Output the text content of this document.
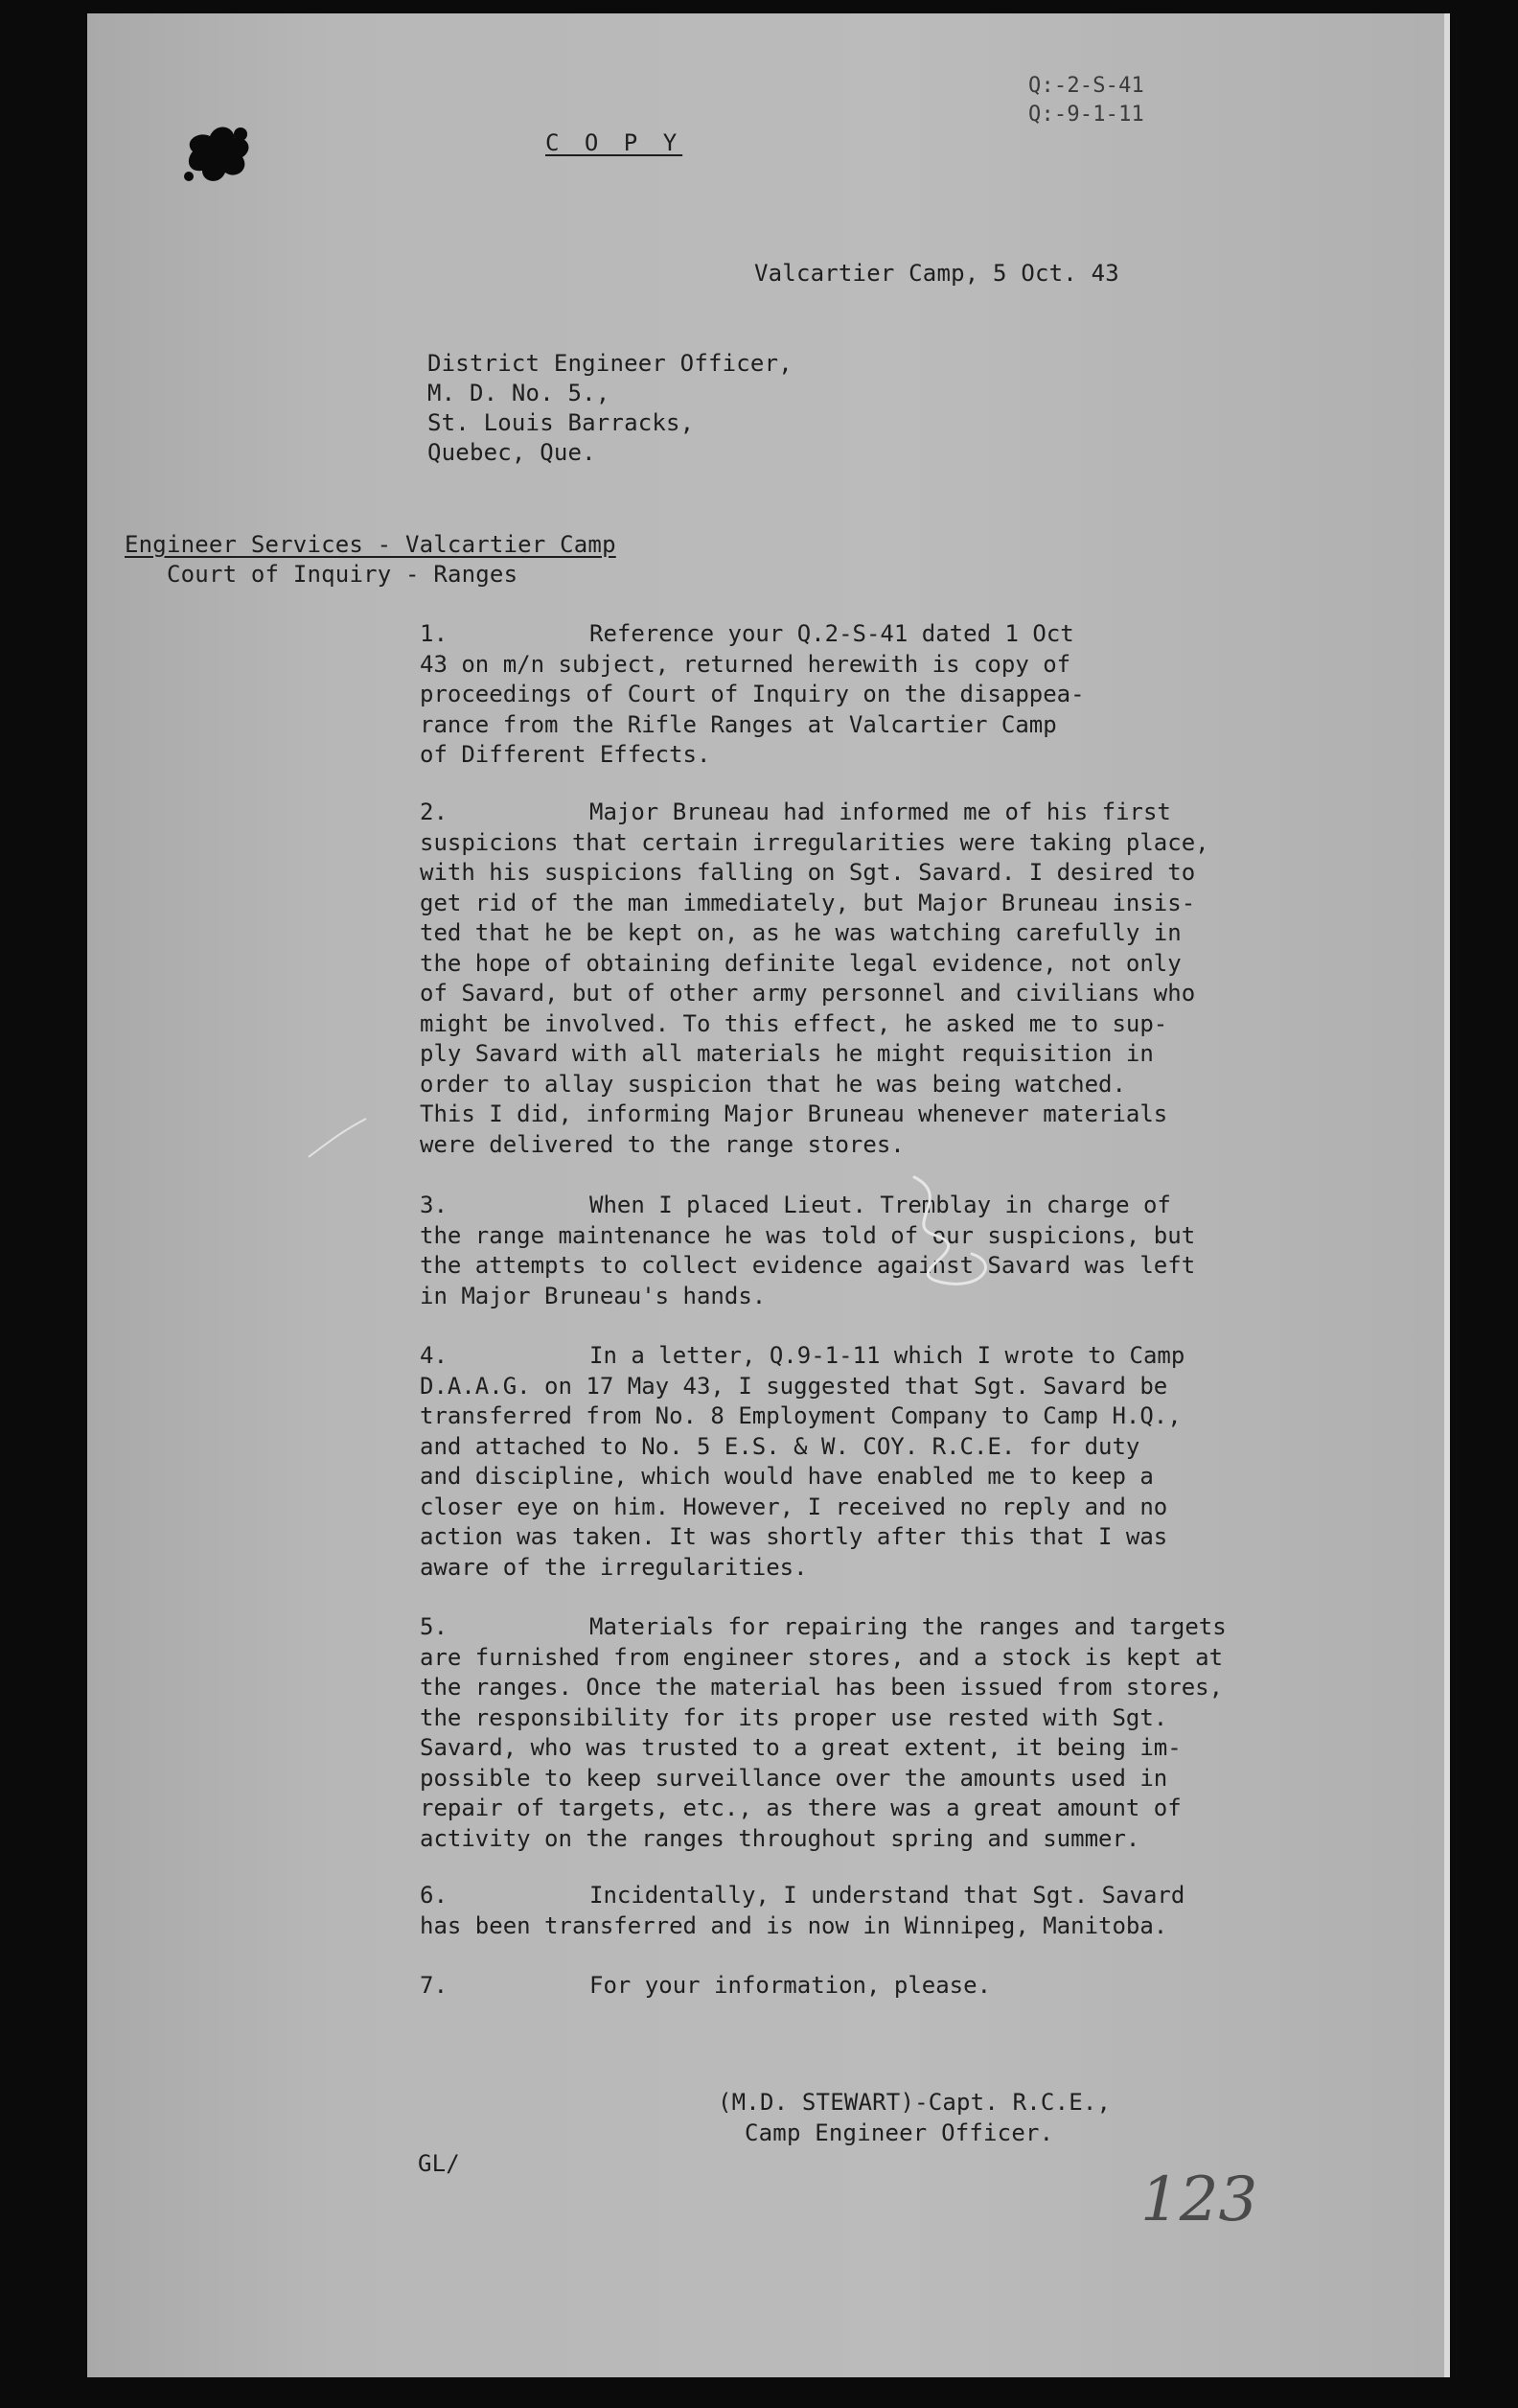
Q:-2-S-41
Q:-9-1-11
C O P Y
Valcartier Camp, 5 Oct. 43
District Engineer Officer,
M. D. No. 5.,
St. Louis Barracks,
Quebec, Que.
Engineer Services - Valcartier Camp
Court of Inquiry - Ranges
1.	Reference your Q.2-S-41 dated 1 Oct
43 on m/n subject, returned herewith is copy of
proceedings of Court of Inquiry on the disappea-
rance from the Rifle Ranges at Valcartier Camp
of Different Effects.
2.	Major Bruneau had informed me of his first
suspicions that certain irregularities were taking place,
with his suspicions falling on Sgt. Savard. I desired to
get rid of the man immediately, but Major Bruneau insis-
ted that he be kept on, as he was watching carefully in
the hope of obtaining definite legal evidence, not only
of Savard, but of other army personnel and civilians who
might be involved. To this effect, he asked me to sup-
ply Savard with all materials he might requisition in
order to allay suspicion that he was being watched.
This I did, informing Major Bruneau whenever materials
were delivered to the range stores.
3.	When I placed Lieut. Tremblay in charge of
the range maintenance he was told of our suspicions, but
the attempts to collect evidence against Savard was left
in Major Bruneau's hands.
4.	In a letter, Q.9-1-11 which I wrote to Camp
D.A.A.G. on 17 May 43, I suggested that Sgt. Savard be
transferred from No. 8 Employment Company to Camp H.Q.,
and attached to No. 5 E.S. & W. COY. R.C.E. for duty
and discipline, which would have enabled me to keep a
closer eye on him. However, I received no reply and no
action was taken. It was shortly after this that I was
aware of the irregularities.
5.	Materials for repairing the ranges and targets
are furnished from engineer stores, and a stock is kept at
the ranges. Once the material has been issued from stores,
the responsibility for its proper use rested with Sgt.
Savard, who was trusted to a great extent, it being im-
possible to keep surveillance over the amounts used in
repair of targets, etc., as there was a great amount of
activity on the ranges throughout spring and summer.
6.	Incidentally, I understand that Sgt. Savard
has been transferred and is now in Winnipeg, Manitoba.
7.	For your information, please.
(M.D. STEWART)-Capt. R.C.E.,
Camp Engineer Officer.
GL/
123
